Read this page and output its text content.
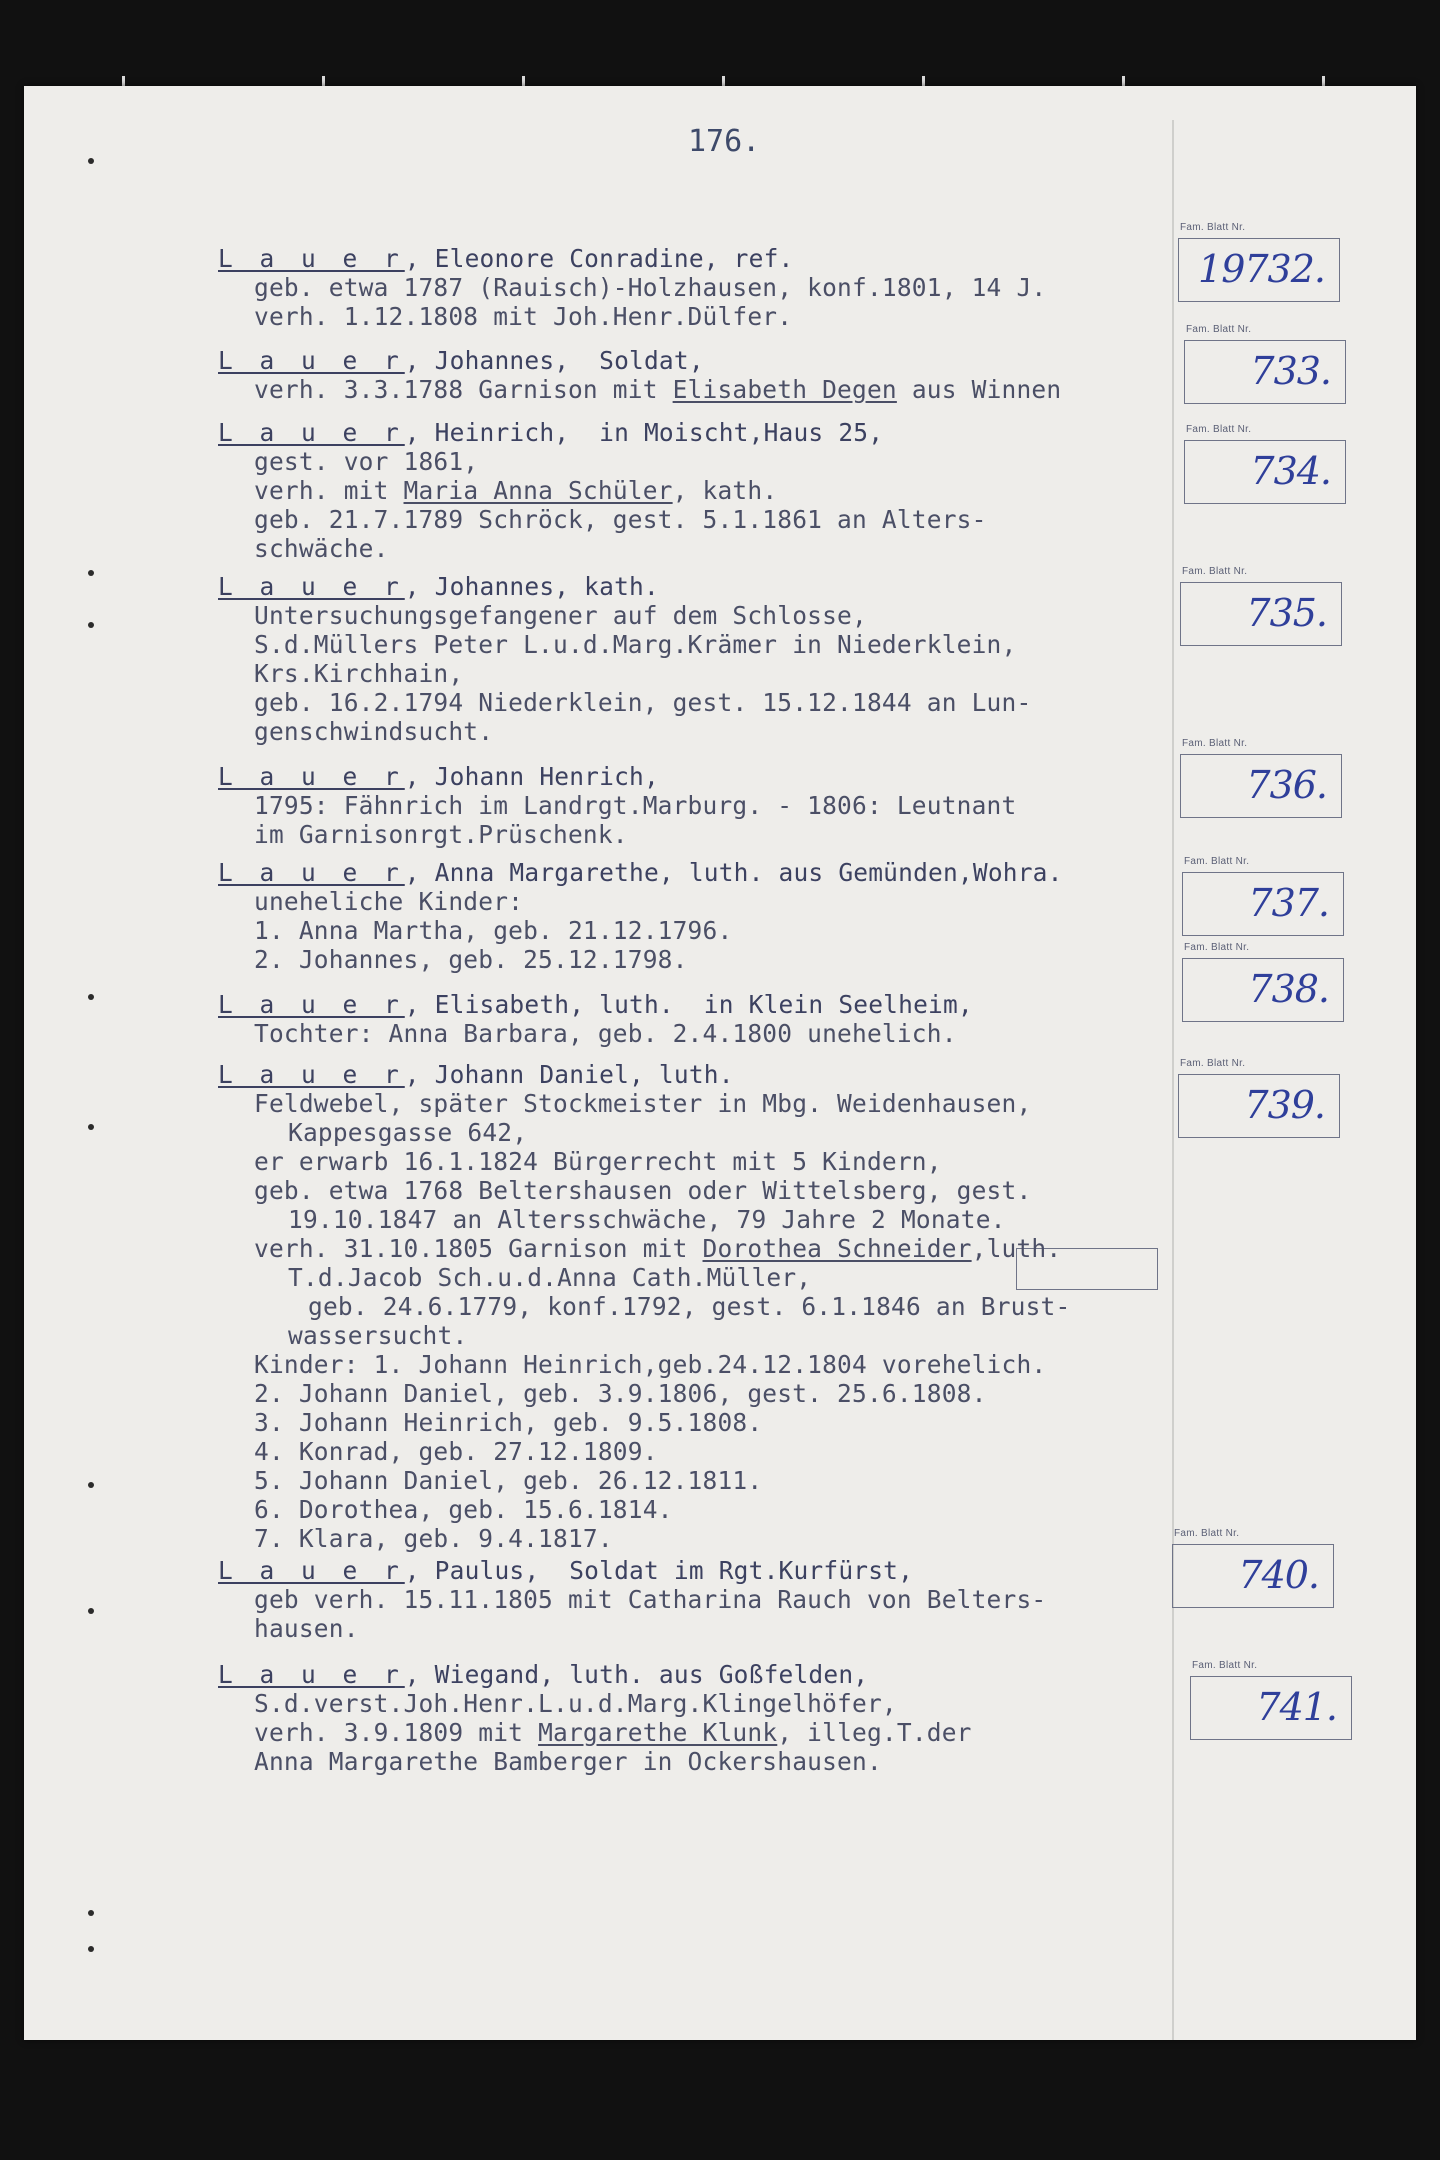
176.
L a u e r, Eleonore Conradine, ref.
geb. etwa 1787 (Rauisch)-Holzhausen, konf.1801, 14 J.
verh. 1.12.1808 mit Joh.Henr.Dülfer.
Fam. Blatt Nr.
19732.
L a u e r, Johannes,  Soldat,
verh. 3.3.1788 Garnison mit Elisabeth Degen aus Winnen
Fam. Blatt Nr.
733.
L a u e r, Heinrich,  in Moischt,Haus 25,
gest. vor 1861,
verh. mit Maria Anna Schüler, kath.
geb. 21.7.1789 Schröck, gest. 5.1.1861 an Alters-
schwäche.
Fam. Blatt Nr.
734.
L a u e r, Johannes, kath.
Untersuchungsgefangener auf dem Schlosse,
S.d.Müllers Peter L.u.d.Marg.Krämer in Niederklein,
Krs.Kirchhain,
geb. 16.2.1794 Niederklein, gest. 15.12.1844 an Lun-
genschwindsucht.
Fam. Blatt Nr.
735.
L a u e r, Johann Henrich,
1795: Fähnrich im Landrgt.Marburg. - 1806: Leutnant
im Garnisonrgt.Prüschenk.
Fam. Blatt Nr.
736.
L a u e r, Anna Margarethe, luth. aus Gemünden,Wohra.
uneheliche Kinder:
1. Anna Martha, geb. 21.12.1796.
2. Johannes, geb. 25.12.1798.
Fam. Blatt Nr.
737.
L a u e r, Elisabeth, luth.  in Klein Seelheim,
Tochter: Anna Barbara, geb. 2.4.1800 unehelich.
Fam. Blatt Nr.
738.
L a u e r, Johann Daniel, luth.
Feldwebel, später Stockmeister in Mbg. Weidenhausen,
Kappesgasse 642,
er erwarb 16.1.1824 Bürgerrecht mit 5 Kindern,
geb. etwa 1768 Beltershausen oder Wittelsberg, gest.
19.10.1847 an Altersschwäche, 79 Jahre 2 Monate.
verh. 31.10.1805 Garnison mit Dorothea Schneider,luth.
T.d.Jacob Sch.u.d.Anna Cath.Müller,
geb. 24.6.1779, konf.1792, gest. 6.1.1846 an Brust-
wassersucht.
Kinder: 1. Johann Heinrich,geb.24.12.1804 vorehelich.
2. Johann Daniel, geb. 3.9.1806, gest. 25.6.1808.
3. Johann Heinrich, geb. 9.5.1808.
4. Konrad, geb. 27.12.1809.
5. Johann Daniel, geb. 26.12.1811.
6. Dorothea, geb. 15.6.1814.
7. Klara, geb. 9.4.1817.
Fam. Blatt Nr.
739.
L a u e r, Paulus,  Soldat im Rgt.Kurfürst,
geb verh. 15.11.1805 mit Catharina Rauch von Belters-
hausen.
Fam. Blatt Nr.
740.
L a u e r, Wiegand, luth. aus Goßfelden,
S.d.verst.Joh.Henr.L.u.d.Marg.Klingelhöfer,
verh. 3.9.1809 mit Margarethe Klunk, illeg.T.der
Anna Margarethe Bamberger in Ockershausen.
Fam. Blatt Nr.
741.
